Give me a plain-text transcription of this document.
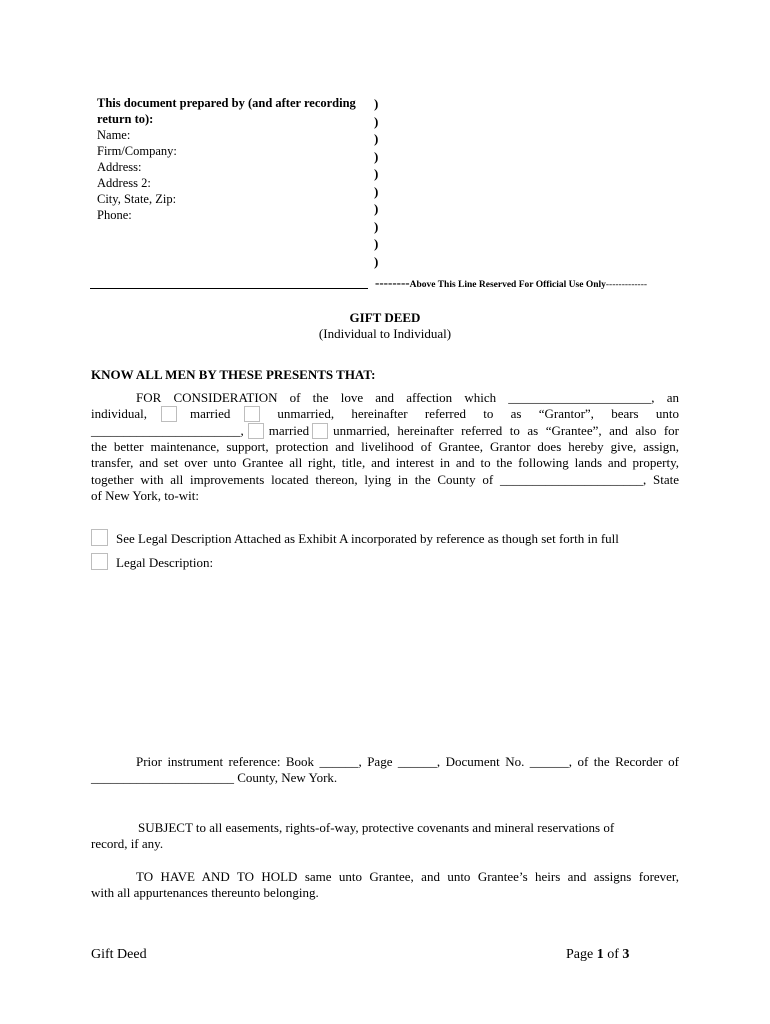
This document prepared by (and after recording
return to):
Name:
Firm/Company:
Address:
Address 2:
City, State, Zip:
Phone:
)
)
)
)
)
)
)
)
)
)
--------Above This Line Reserved For Official Use Only-------------
GIFT DEED
(Individual to Individual)
KNOW ALL MEN BY THESE PRESENTS THAT:
FOR CONSIDERATION of the love and affection which ______________________, an
individual,	married	unmarried, hereinafter referred to as “Grantor”, bears unto
_______________________, married unmarried, hereinafter referred to as “Grantee”, and also for
the better maintenance, support, protection and livelihood of Grantee, Grantor does hereby give, assign,
transfer, and set over unto Grantee all right, title, and interest in and to the following lands and property,
together with all improvements located thereon, lying in the County of ______________________, State
of New York, to-wit:
See Legal Description Attached as Exhibit A incorporated by reference as though set forth in full
Legal Description:
Prior instrument reference: Book ______, Page ______, Document No. ______, of the Recorder of
______________________ County, New York.
SUBJECT to all easements, rights-of-way, protective covenants and mineral reservations of
record, if any.
TO HAVE AND TO HOLD same unto Grantee, and unto Grantee’s heirs and assigns forever,
with all appurtenances thereunto belonging.
Gift Deed	Page 1 of 3
